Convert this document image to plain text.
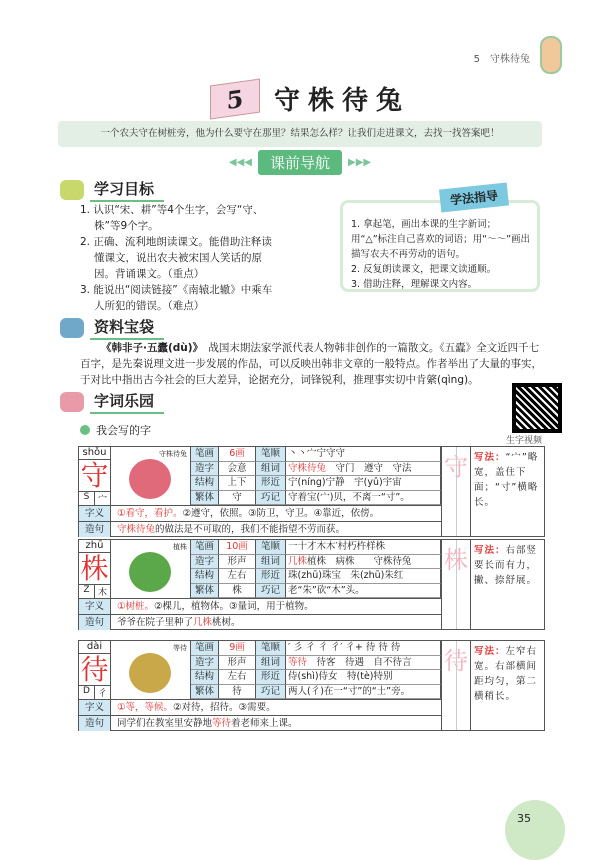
5　守株待兔
5	守株待兔
一个农夫守在树桩旁，他为什么要守在那里？结果怎么样？让我们走进课文，去找一找答案吧！
◀◀◀	课前导航	▶▶▶
学习目标
1. 认识“宋、耕”等4个生字，会写“守、株”等9个字。
2. 正确、流利地朗读课文。能借助注释读懂课文，说出农夫被宋国人笑话的原因。背诵课文。（重点）
3. 能说出“阅读链接”《南辕北辙》中乘车人所犯的错误。（难点）
1. 拿起笔，画出本课的生字新词；用“△”标注自己喜欢的词语；用“～～”画出描写农夫不再劳动的语句。
2. 反复朗读课文，把课文读通顺。
3. 借助注释，理解课文内容。
学法指导
资料宝袋
《韩非子·五蠹(dù)》　战国末期法家学派代表人物韩非创作的一篇散文。《五蠹》全文近四千七百字，是先秦说理文进一步发展的作品，可以反映出韩非文章的一般特点。作者举出了大量的事实，于对比中指出古今社会的巨大差异，论据充分，词锋锐利，推理事实切中肯綮(qìng)。
字词乐园
生字视频
我会写的字
shǒu
守
S 宀
守株待兔 笔画	6画	笔顺 丶丶宀宁守守
造字	会意	组词 守株待兔　守门　遵守　守法
结构	上下	形近 宁(níng)宁静　宇(yǔ)宇宙
繁体	守	巧记 守着宝(宀)贝，不离一“寸”。
字义	①看守，看护。②遵守，依照。③防卫，守卫。④靠近，依傍。
造句	守株待兔的做法是不可取的，我们不能指望不劳而获。
守 写法：“宀”略宽，盖住下面；“寸”横略长。
zhū
株
Z 木
植株 笔画	10画	笔顺 一十才木木′村朽杵样株
造字	形声	组词 几株植株　病株　　守株待兔
结构	左右	形近 珠(zhū)珠宝　朱(zhū)朱红
繁体	株	巧记 老“朱”砍“木”头。
字义	①树桩。②棵儿，植物体。③量词，用于植物。
造句	爷爷在院子里种了几株桃树。
株 写法：右部竖要长而有力，撇、捺舒展。
dài
待
D 彳
等待 笔画	9画	笔顺 ′ 彡 彳 彳 彳′ 彳+ 待 待 待
造字	形声	组词 等待　待客　待遇　自不待言
结构	左右	形近 侍(shì)侍女　特(tè)特别
繁体	待	巧记 两人(彳)在一“寸”的“土”旁。
字义	①等，等候。②对待，招待。③需要。
造句	同学们在教室里安静地等待着老师来上课。
待 写法：左窄右宽。右部横间距均匀，第二横稍长。
35
